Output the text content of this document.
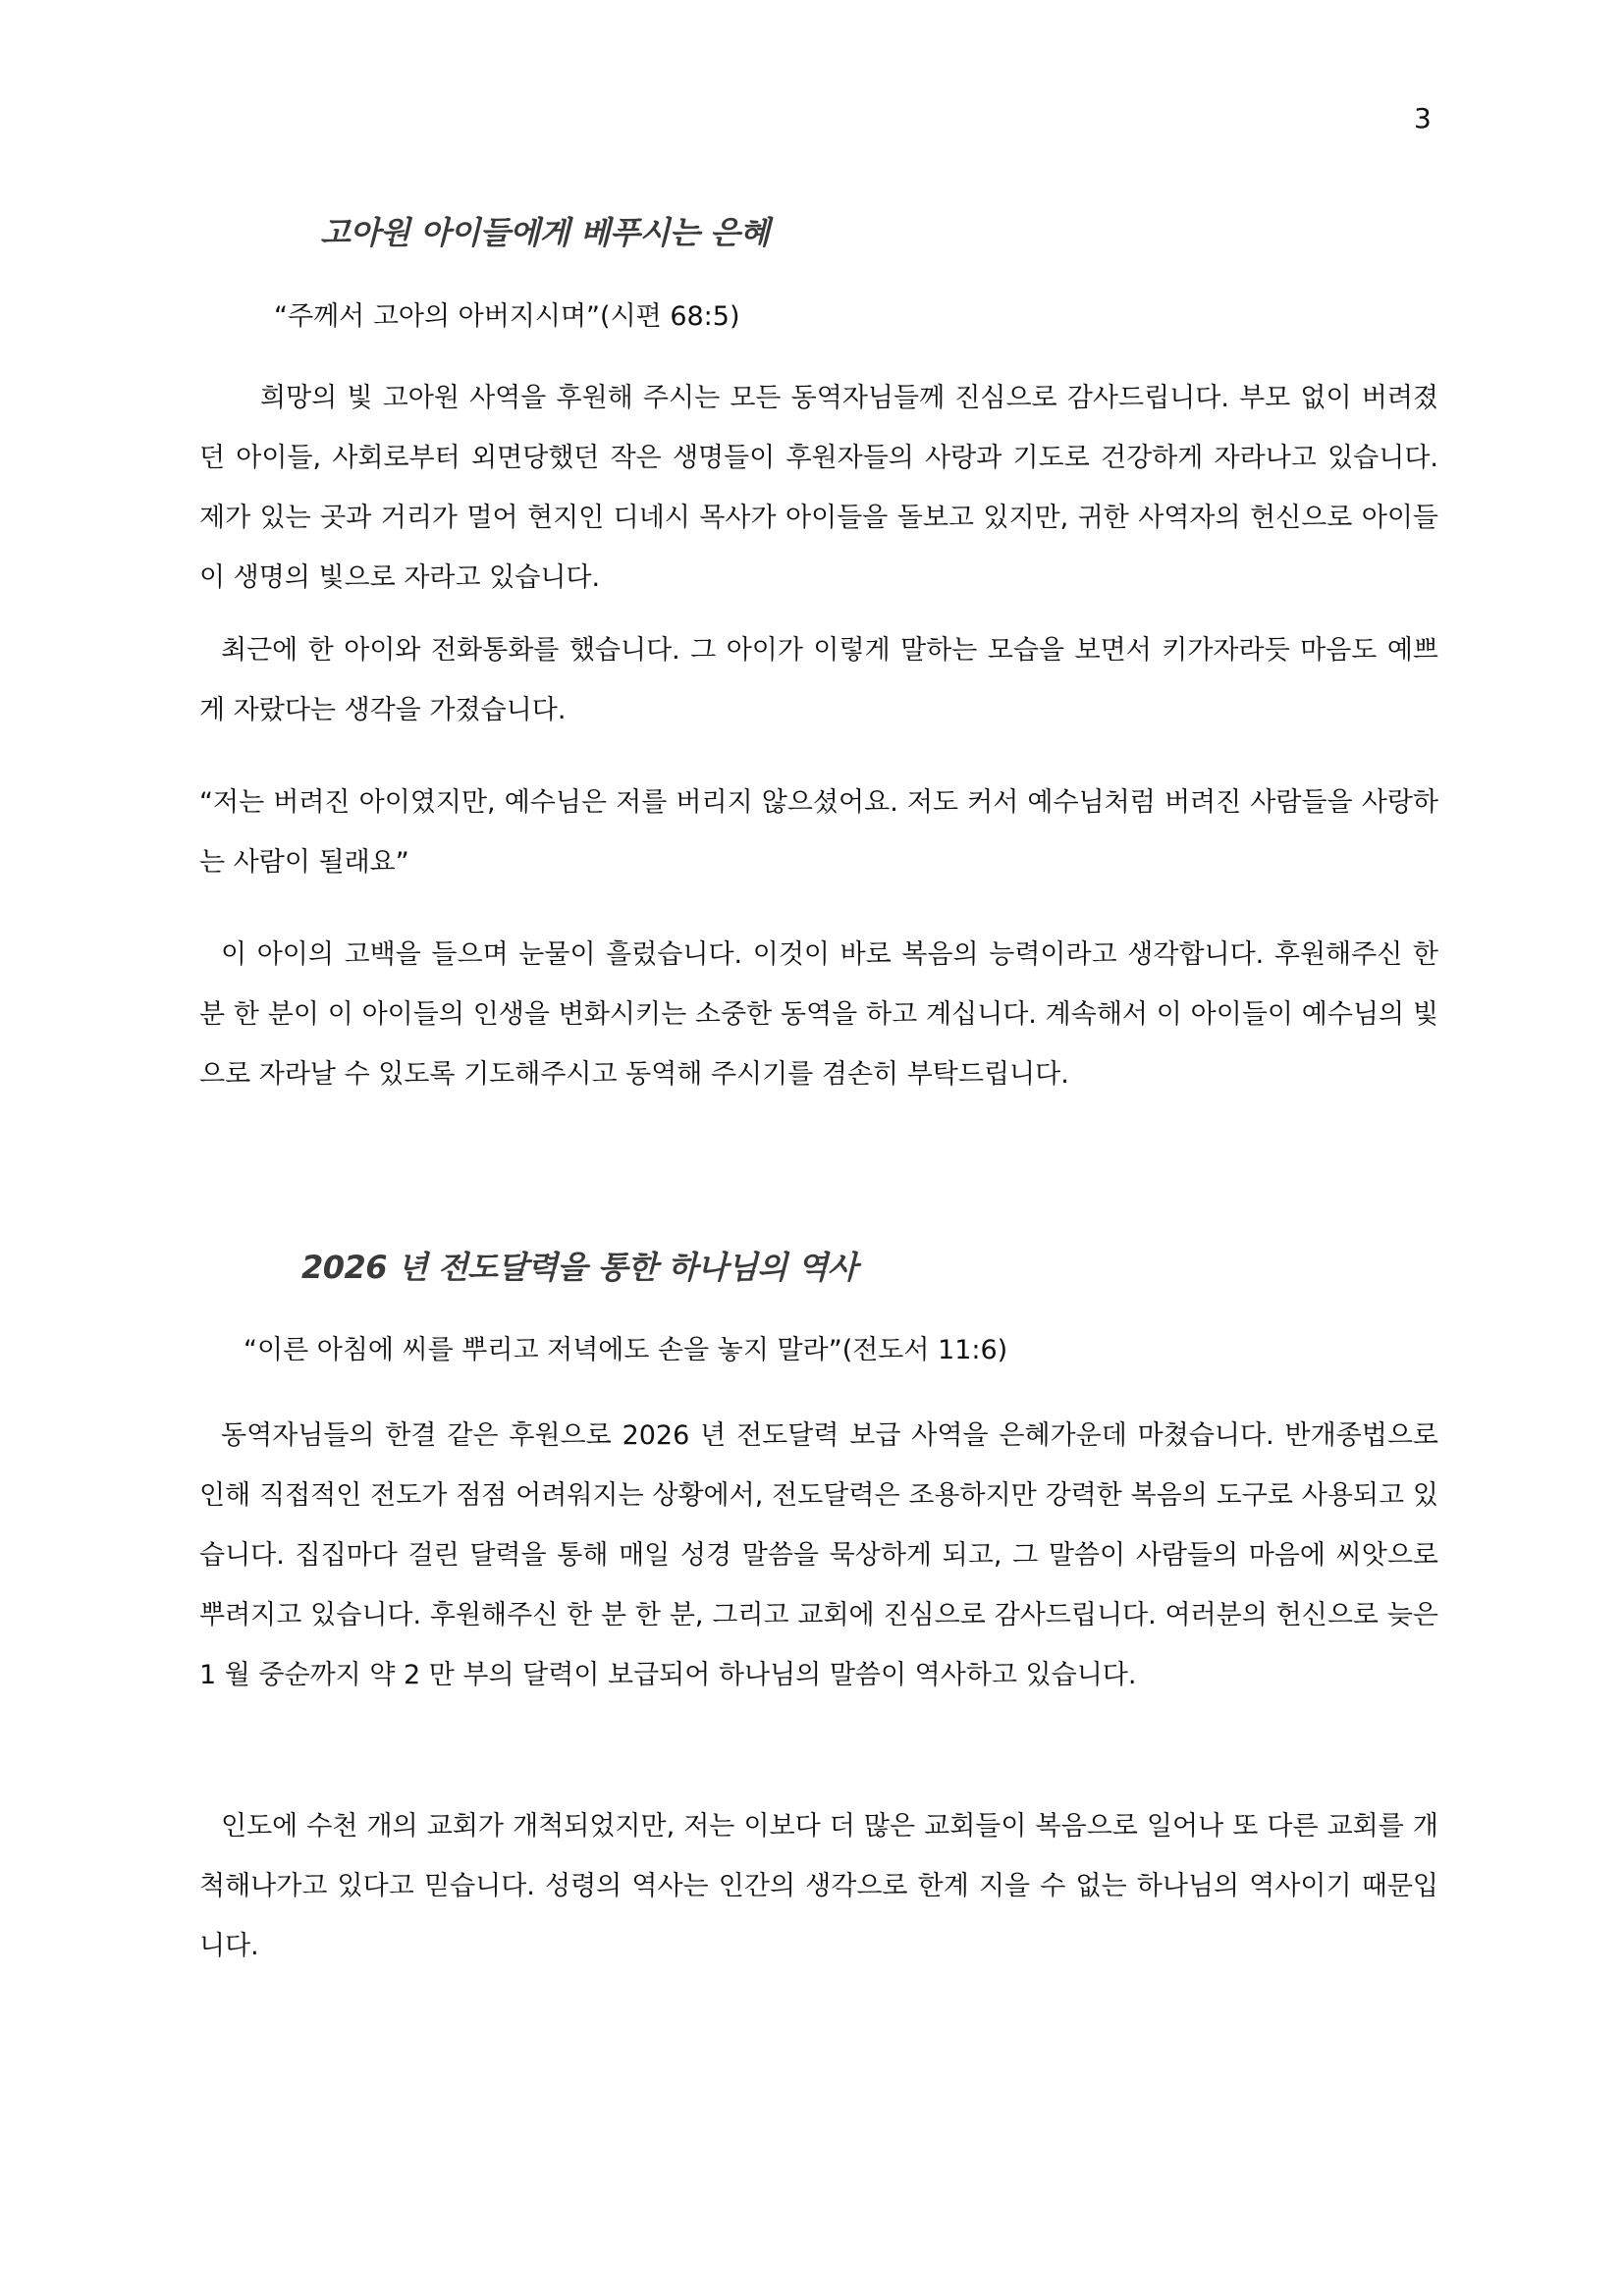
3
고아원 아이들에게 베푸시는 은혜
“주께서 고아의 아버지시며”(시편 68:5)

희망의 빛 고아원 사역을 후원해 주시는 모든 동역자님들께 진심으로 감사드립니다. 부모 없이 버려졌던 아이들, 사회로부터 외면당했던 작은 생명들이 후원자들의 사랑과 기도로 건강하게 자라나고 있습니다. 제가 있는 곳과 거리가 멀어 현지인 디네시 목사가 아이들을 돌보고 있지만, 귀한 사역자의 헌신으로 아이들이 생명의 빛으로 자라고 있습니다.

최근에 한 아이와 전화통화를 했습니다. 그 아이가 이렇게 말하는 모습을 보면서 키가자라듯 마음도 예쁘게 자랐다는 생각을 가졌습니다.

“저는 버려진 아이였지만, 예수님은 저를 버리지 않으셨어요. 저도 커서 예수님처럼 버려진 사람들을 사랑하는 사람이 될래요”

이 아이의 고백을 들으며 눈물이 흘렀습니다. 이것이 바로 복음의 능력이라고 생각합니다. 후원해주신 한 분 한 분이 이 아이들의 인생을 변화시키는 소중한 동역을 하고 계십니다. 계속해서 이 아이들이 예수님의 빛으로 자라날 수 있도록 기도해주시고 동역해 주시기를 겸손히 부탁드립니다.

2026 년 전도달력을 통한 하나님의 역사
“이른 아침에 씨를 뿌리고 저녁에도 손을 놓지 말라”(전도서 11:6)

동역자님들의 한결 같은 후원으로 2026 년 전도달력 보급 사역을 은혜가운데 마쳤습니다. 반개종법으로 인해 직접적인 전도가 점점 어려워지는 상황에서, 전도달력은 조용하지만 강력한 복음의 도구로 사용되고 있습니다. 집집마다 걸린 달력을 통해 매일 성경 말씀을 묵상하게 되고, 그 말씀이 사람들의 마음에 씨앗으로 뿌려지고 있습니다. 후원해주신 한 분 한 분, 그리고 교회에 진심으로 감사드립니다. 여러분의 헌신으로 늦은 1 월 중순까지 약 2 만 부의 달력이 보급되어 하나님의 말씀이 역사하고 있습니다.

인도에 수천 개의 교회가 개척되었지만, 저는 이보다 더 많은 교회들이 복음으로 일어나 또 다른 교회를 개척해나가고 있다고 믿습니다. 성령의 역사는 인간의 생각으로 한계 지을 수 없는 하나님의 역사이기 때문입니다.
